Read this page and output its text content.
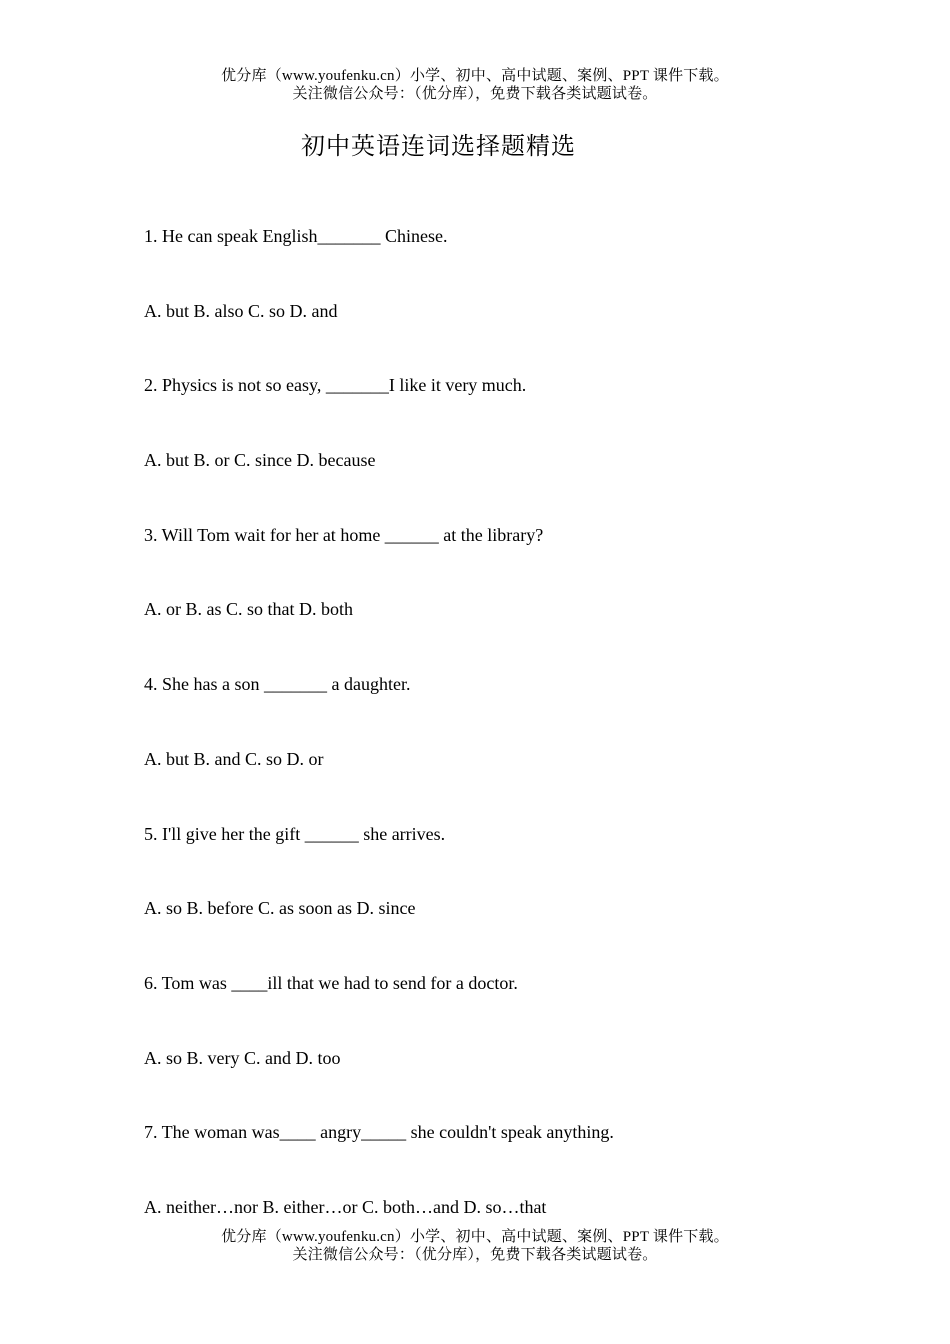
优分库（www.youfenku.cn）小学、初中、高中试题、案例、PPT 课件下载。
关注微信公众号：（优分库），免费下载各类试题试卷。
初中英语连词选择题精选
1. He can speak English_______ Chinese.
A. but B. also C. so D. and
2. Physics is not so easy, _______I like it very much.
A. but B. or C. since D. because
3. Will Tom wait for her at home ______ at the library?
A. or B. as C. so that D. both
4. She has a son _______ a daughter.
A. but B. and C. so D. or
5. I'll give her the gift ______ she arrives.
A. so B. before C. as soon as D. since
6. Tom was ____ill that we had to send for a doctor.
A. so B. very C. and D. too
7. The woman was____ angry_____ she couldn't speak anything.
A. neither…nor B. either…or C. both…and D. so…that
优分库（www.youfenku.cn）小学、初中、高中试题、案例、PPT 课件下载。
关注微信公众号：（优分库），免费下载各类试题试卷。
